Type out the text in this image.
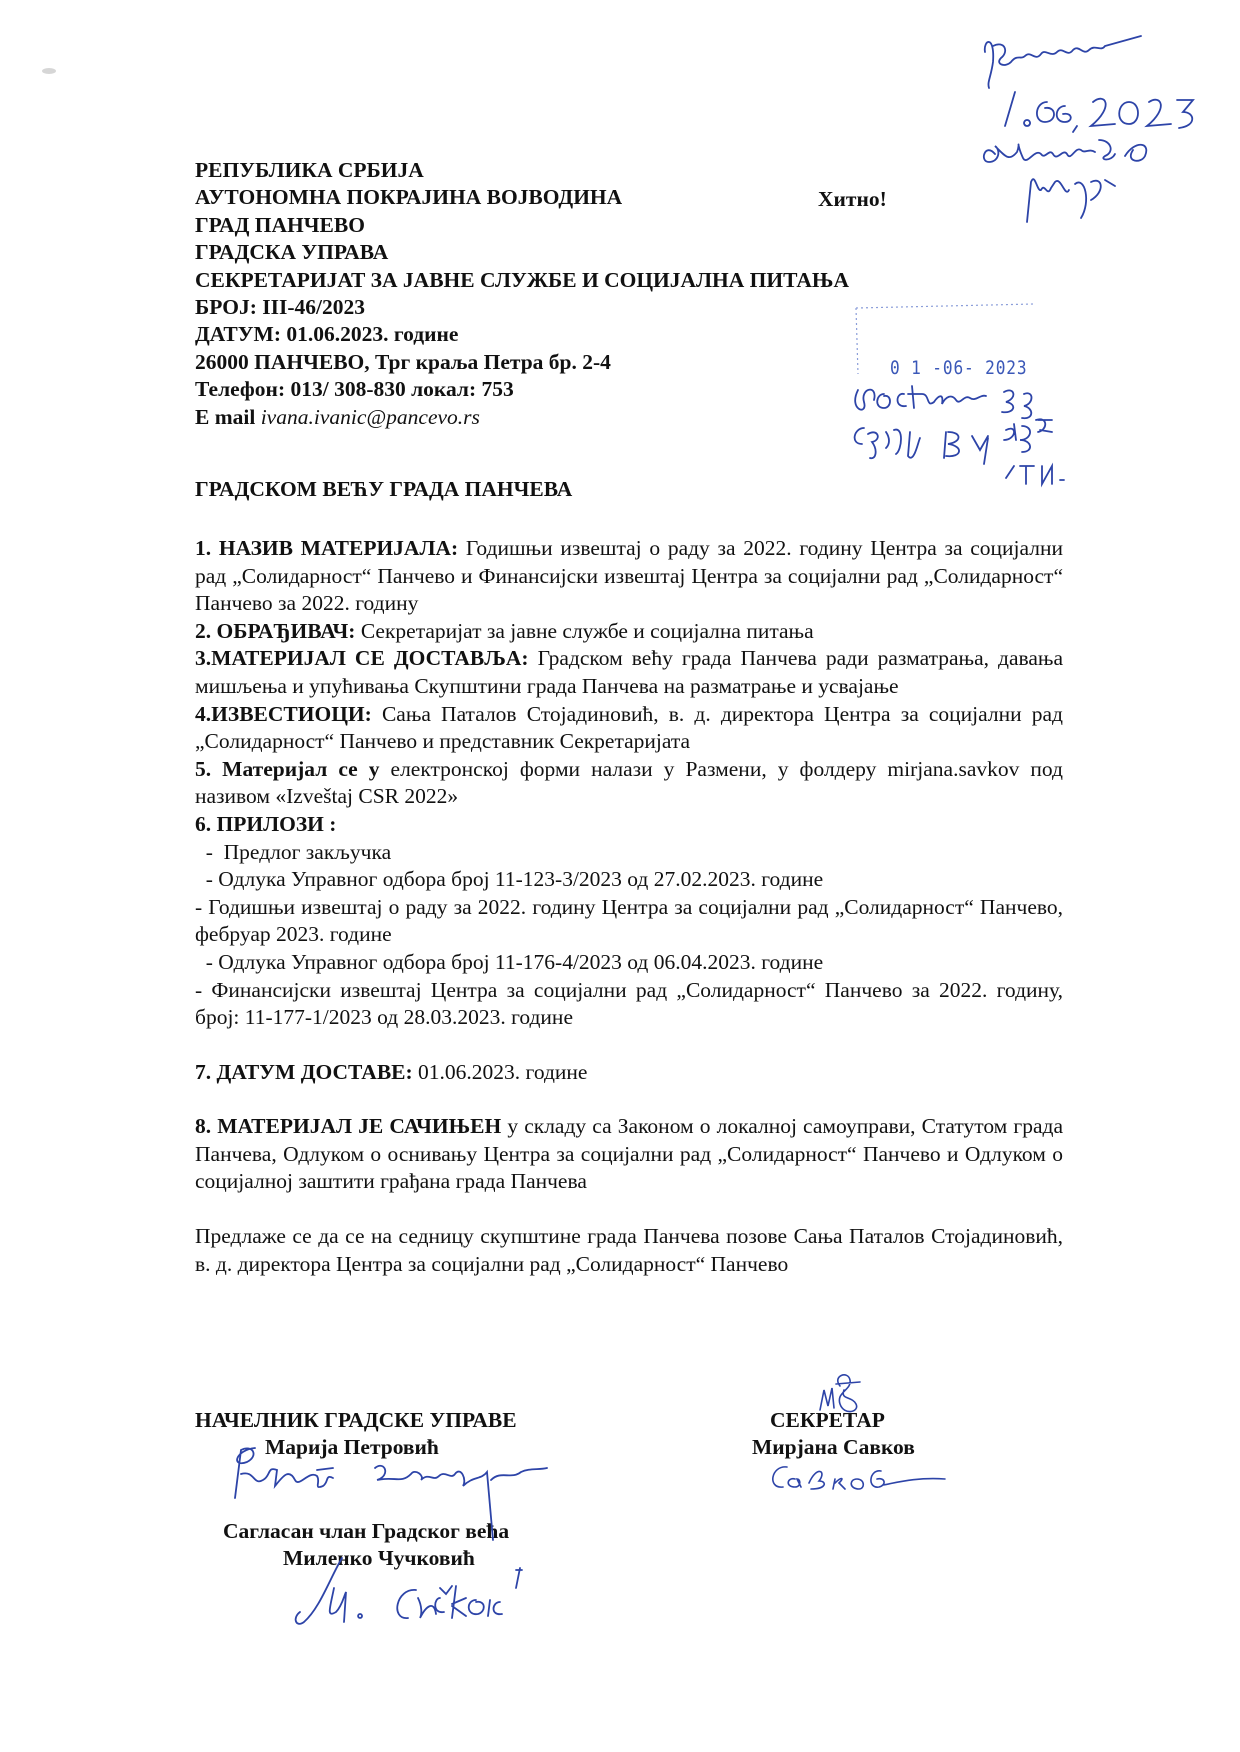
РЕПУБЛИКА СРБИЈА
АУТОНОМНА ПОКРАЈИНА ВОЈВОДИНА
ГРАД ПАНЧЕВО
ГРАДСКА УПРАВА
СЕКРЕТАРИЈАТ ЗА ЈАВНЕ СЛУЖБЕ И СОЦИЈАЛНА ПИТАЊА
БРОЈ: III-46/2023
ДАТУМ: 01.06.2023. године
26000 ПАНЧЕВО, Трг краља Петра бр. 2-4
Телефон: 013/ 308-830 локал: 753
E mail ivana.ivanic@pancevo.rs
Хитно!
0 1 -06- 2023
ГРАДСКОМ ВЕЋУ ГРАДА ПАНЧЕВА

1. НАЗИВ МАТЕРИЈАЛА: Годишњи извештај о раду за 2022. годину Центра за социјални рад „Солидарност“ Панчево и Финансијски извештај Центра за социјални рад „Солидарност“ Панчево за 2022. годину

2. ОБРАЂИВАЧ: Секретаријат за јавне службе и социјална питања

3.МАТЕРИЈАЛ СЕ ДОСТАВЉА: Градском већу града Панчева ради разматрања, давања мишљења и упућивања Скупштини града Панчева на разматрање и усвајање

4.ИЗВЕСТИОЦИ: Сања Паталов Стојадиновић, в. д. директора Центра за социјални рад „Солидарност“ Панчево и представник Секретаријата

5. Материјал се у електронској форми налази у Размени, у фолдеру mirjana.savkov под називом «Izveštaj CSR 2022»

6. ПРИЛОЗИ :

-  Предлог закључка

- Одлука Управног одбора број 11-123-3/2023 од 27.02.2023. године

- Годишњи извештај о раду за 2022. годину Центра за социјални рад „Солидарност“ Панчево, фебруар 2023. године

- Одлука Управног одбора број 11-176-4/2023 од 06.04.2023. године

- Финансијски извештај Центра за социјални рад „Солидарност“ Панчево за 2022. годину, број: 11-177-1/2023 од 28.03.2023. године

7. ДАТУМ ДОСТАВЕ: 01.06.2023. године

8. МАТЕРИЈАЛ ЈЕ САЧИЊЕН у складу са Законом о локалној самоуправи, Статутом града Панчева, Одлуком о оснивању Центра за социјални рад „Солидарност“ Панчево и Одлуком о социјалној заштити грађана града Панчева

Предлаже се да се на седницу скупштине града Панчева позове Сања Паталов Стојадиновић, в. д. директора Центра за социјални рад „Солидарност“ Панчево

НАЧЕЛНИК ГРАДСКЕ УПРАВЕ
Марија Петровић
Сагласан члан Градског већа
Миленко Чучковић
СЕКРЕТАР
Мирјана Савков
